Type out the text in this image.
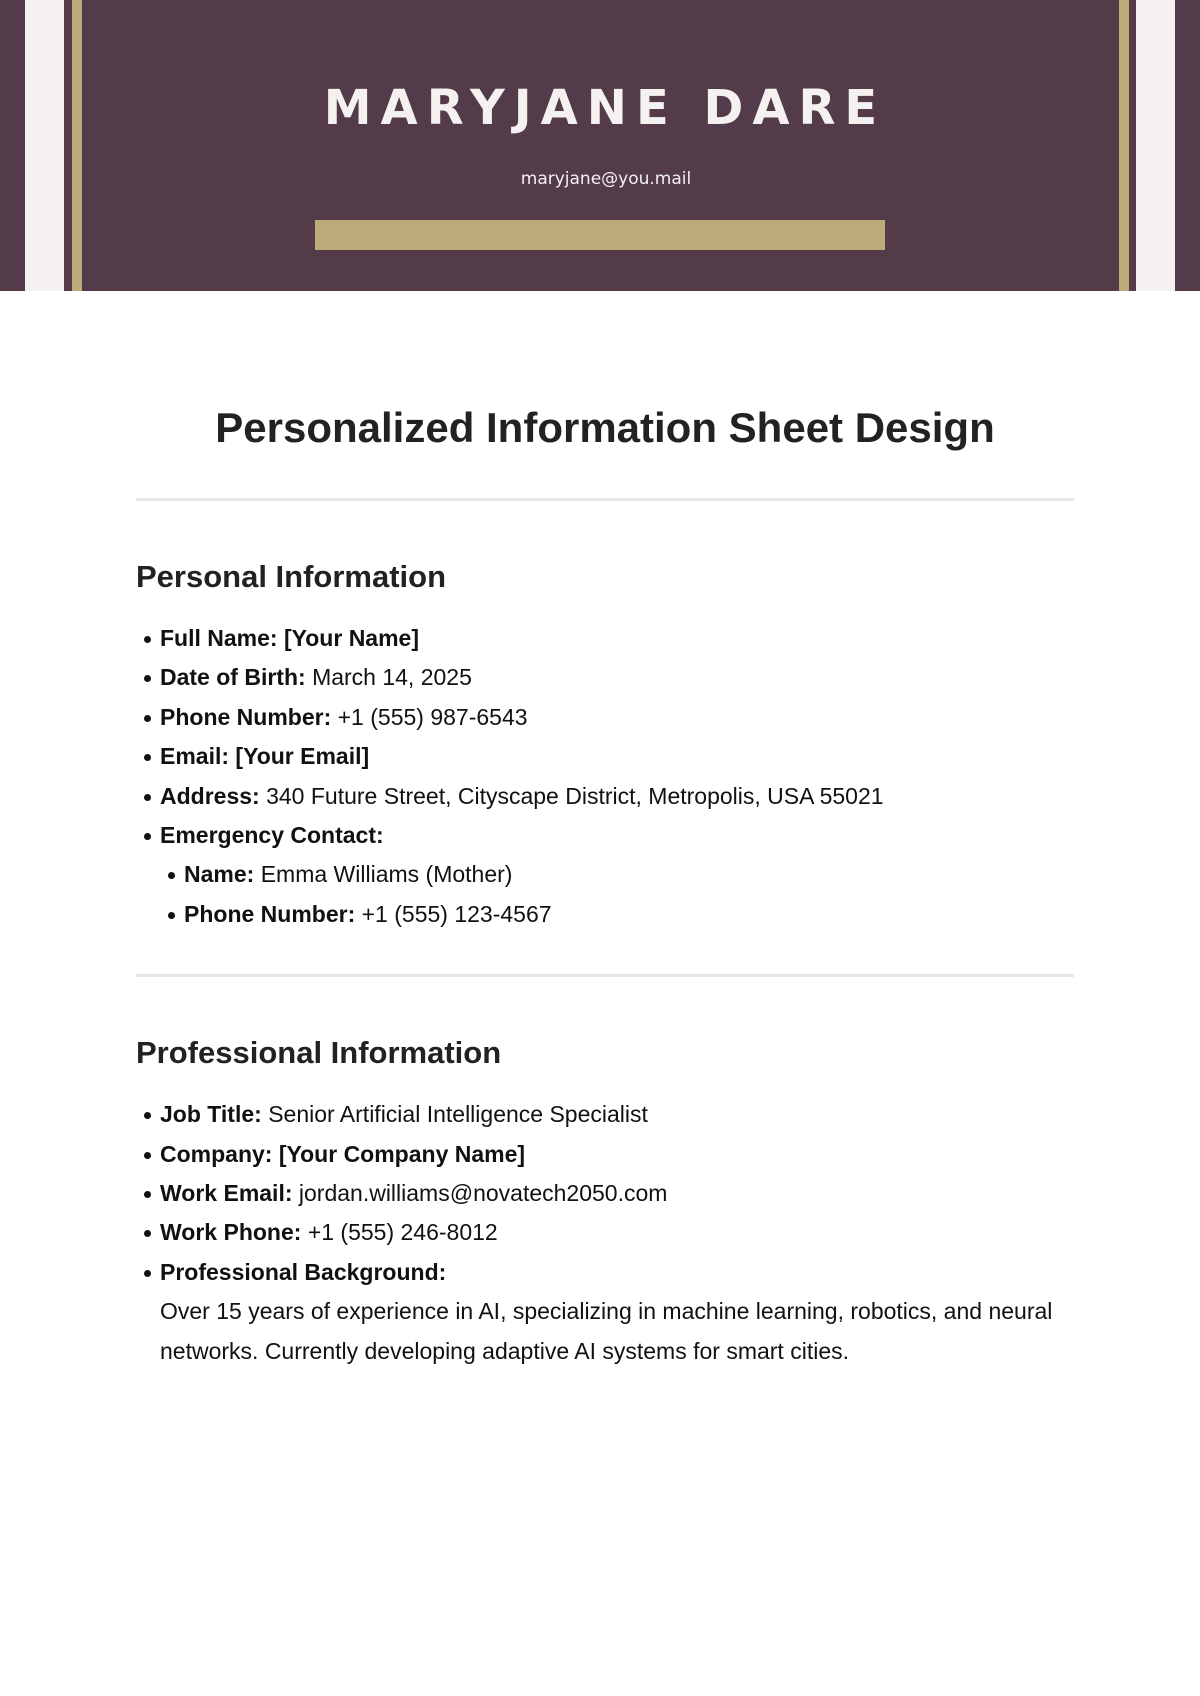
MARYJANE DARE
maryjane@you.mail
Personalized Information Sheet Design
Personal Information
Full Name: [Your Name]
Date of Birth: March 14, 2025
Phone Number: +1 (555) 987-6543
Email: [Your Email]
Address: 340 Future Street, Cityscape District, Metropolis, USA 55021
Emergency Contact:
Name: Emma Williams (Mother)
Phone Number: +1 (555) 123-4567
Professional Information
Job Title: Senior Artificial Intelligence Specialist
Company: [Your Company Name]
Work Email: jordan.williams@novatech2050.com
Work Phone: +1 (555) 246-8012
Professional Background:
Over 15 years of experience in AI, specializing in machine learning, robotics, and neural networks. Currently developing adaptive AI systems for smart cities.
